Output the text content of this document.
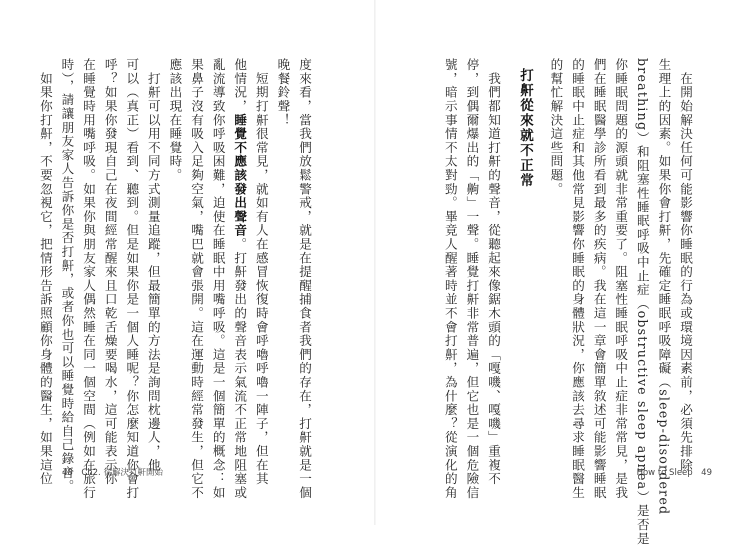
度來看，當我們放鬆警戒，就是在提醒捕食者我們的存在，打鼾就是一個
晚餐鈴聲！
　短期打鼾很常見，就如有人在感冒恢復時會呼嚕呼嚕一陣子，但在其
他情況，睡覺不應該發出聲音。打鼾發出的聲音表示氣流不正常地阻塞或
亂流導致你呼吸困難，迫使在睡眠中用嘴呼吸。這是一個簡單的概念：如
果鼻子沒有吸入足夠空氣，嘴巴就會張開。這在運動時經常發生，但它不
應該出現在睡覺時。
　打鼾可以用不同方式測量追蹤，但最簡單的方法是詢問枕邊人，他
可以（真正）看到、聽到。但是如果你是一個人睡呢？你怎麼知道你會打
呼？如果你發現自己在夜間經常醒來且口乾舌燥要喝水，這可能表示你
在睡覺時用嘴呼吸。如果你與朋友家人偶然睡在同一個空間（例如在旅行
時），請讓朋友家人告訴你是否打鼾，或者你也可以睡覺時給自己錄音。
　如果你打鼾，不要忽視它，把情形告訴照顧你身體的醫生，如果這位	48　Ch2. 從解決打鼾開始
　在開始解決任何可能影響你睡眠的行為或環境因素前，必須先排除
生理上的因素。如果你會打鼾，先確定睡眠呼吸障礙（sleep-disordered
breathing）和阻塞性睡眠呼吸中止症（obstructive sleep apnea）是否是
你睡眠問題的源頭就非常重要了。阻塞性睡眠呼吸中止症非常常見，是我
們在睡眠醫學診所看到最多的疾病。我在這一章會簡單敘述可能影響睡眠
的睡眠中止症和其他常見影響你睡眠的身體狀況，你應該去尋求睡眠醫生
的幫忙解決這些問題。
打鼾從來就不正常
　我們都知道打鼾的聲音，從聽起來像鋸木頭的「嘎嘰、嘎嘰」重複不
停，到偶爾爆出的「齁」一聲。睡覺打鼾非常普遍，但它也是一個危險信
號，暗示事情不太對勁。畢竟人醒著時並不會打鼾，為什麼？從演化的角	How to Sleep　49
